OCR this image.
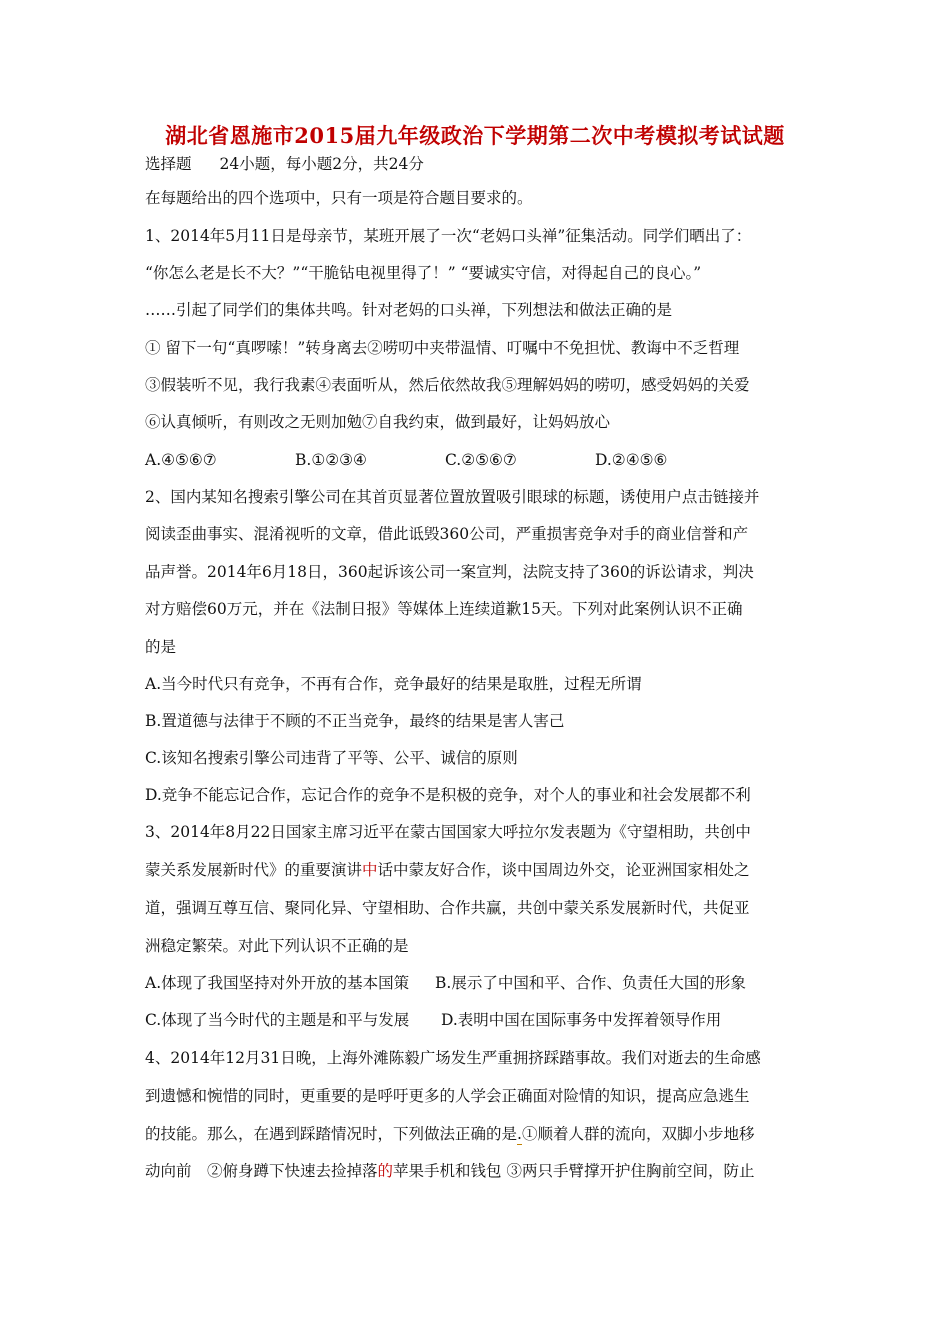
湖北省恩施市2015届九年级政治下学期第二次中考模拟考试试题
选择题 24小题，每小题2分，共24分
在每题给出的四个选项中，只有一项是符合题目要求的。
1、2014年5月11日是母亲节，某班开展了一次“老妈口头禅”征集活动。同学们晒出了：
“你怎么老是长不大？”“干脆钻电视里得了！” “要诚实守信，对得起自己的良心。”
……引起了同学们的集体共鸣。针对老妈的口头禅，下列想法和做法正确的是
① 留下一句“真啰嗦！”转身离去②唠叨中夹带温情、叮嘱中不免担忧、教诲中不乏哲理
③假装听不见，我行我素④表面听从，然后依然故我⑤理解妈妈的唠叨，感受妈妈的关爱
⑥认真倾听，有则改之无则加勉⑦自我约束，做到最好，让妈妈放心
A.④⑤⑥⑦	B.①②③④	C.②⑤⑥⑦	D.②④⑤⑥
2、国内某知名搜索引擎公司在其首页显著位置放置吸引眼球的标题，诱使用户点击链接并
阅读歪曲事实、混淆视听的文章，借此诋毁360公司，严重损害竞争对手的商业信誉和产
品声誉。2014年6月18日，360起诉该公司一案宣判，法院支持了360的诉讼请求，判决
对方赔偿60万元，并在《法制日报》等媒体上连续道歉15天。下列对此案例认识不正确
的是
A.当今时代只有竞争，不再有合作，竞争最好的结果是取胜，过程无所谓
B.置道德与法律于不顾的不正当竞争，最终的结果是害人害己
C.该知名搜索引擎公司违背了平等、公平、诚信的原则
D.竞争不能忘记合作，忘记合作的竞争不是积极的竞争，对个人的事业和社会发展都不利
3、2014年8月22日国家主席习近平在蒙古国国家大呼拉尔发表题为《守望相助，共创中
蒙关系发展新时代》的重要演讲中话中蒙友好合作，谈中国周边外交，论亚洲国家相处之
道，强调互尊互信、聚同化异、守望相助、合作共赢，共创中蒙关系发展新时代，共促亚
洲稳定繁荣。对此下列认识不正确的是
A.体现了我国坚持对外开放的基本国策 B.展示了中国和平、合作、负责任大国的形象
C.体现了当今时代的主题是和平与发展 D.表明中国在国际事务中发挥着领导作用
4、2014年12月31日晚，上海外滩陈毅广场发生严重拥挤踩踏事故。我们对逝去的生命感
到遗憾和惋惜的同时，更重要的是呼吁更多的人学会正确面对险情的知识，提高应急逃生
的技能。那么，在遇到踩踏情况时，下列做法正确的是.①顺着人群的流向，双脚小步地移
动向前　②俯身蹲下快速去捡掉落的苹果手机和钱包 ③两只手臂撑开护住胸前空间，防止
